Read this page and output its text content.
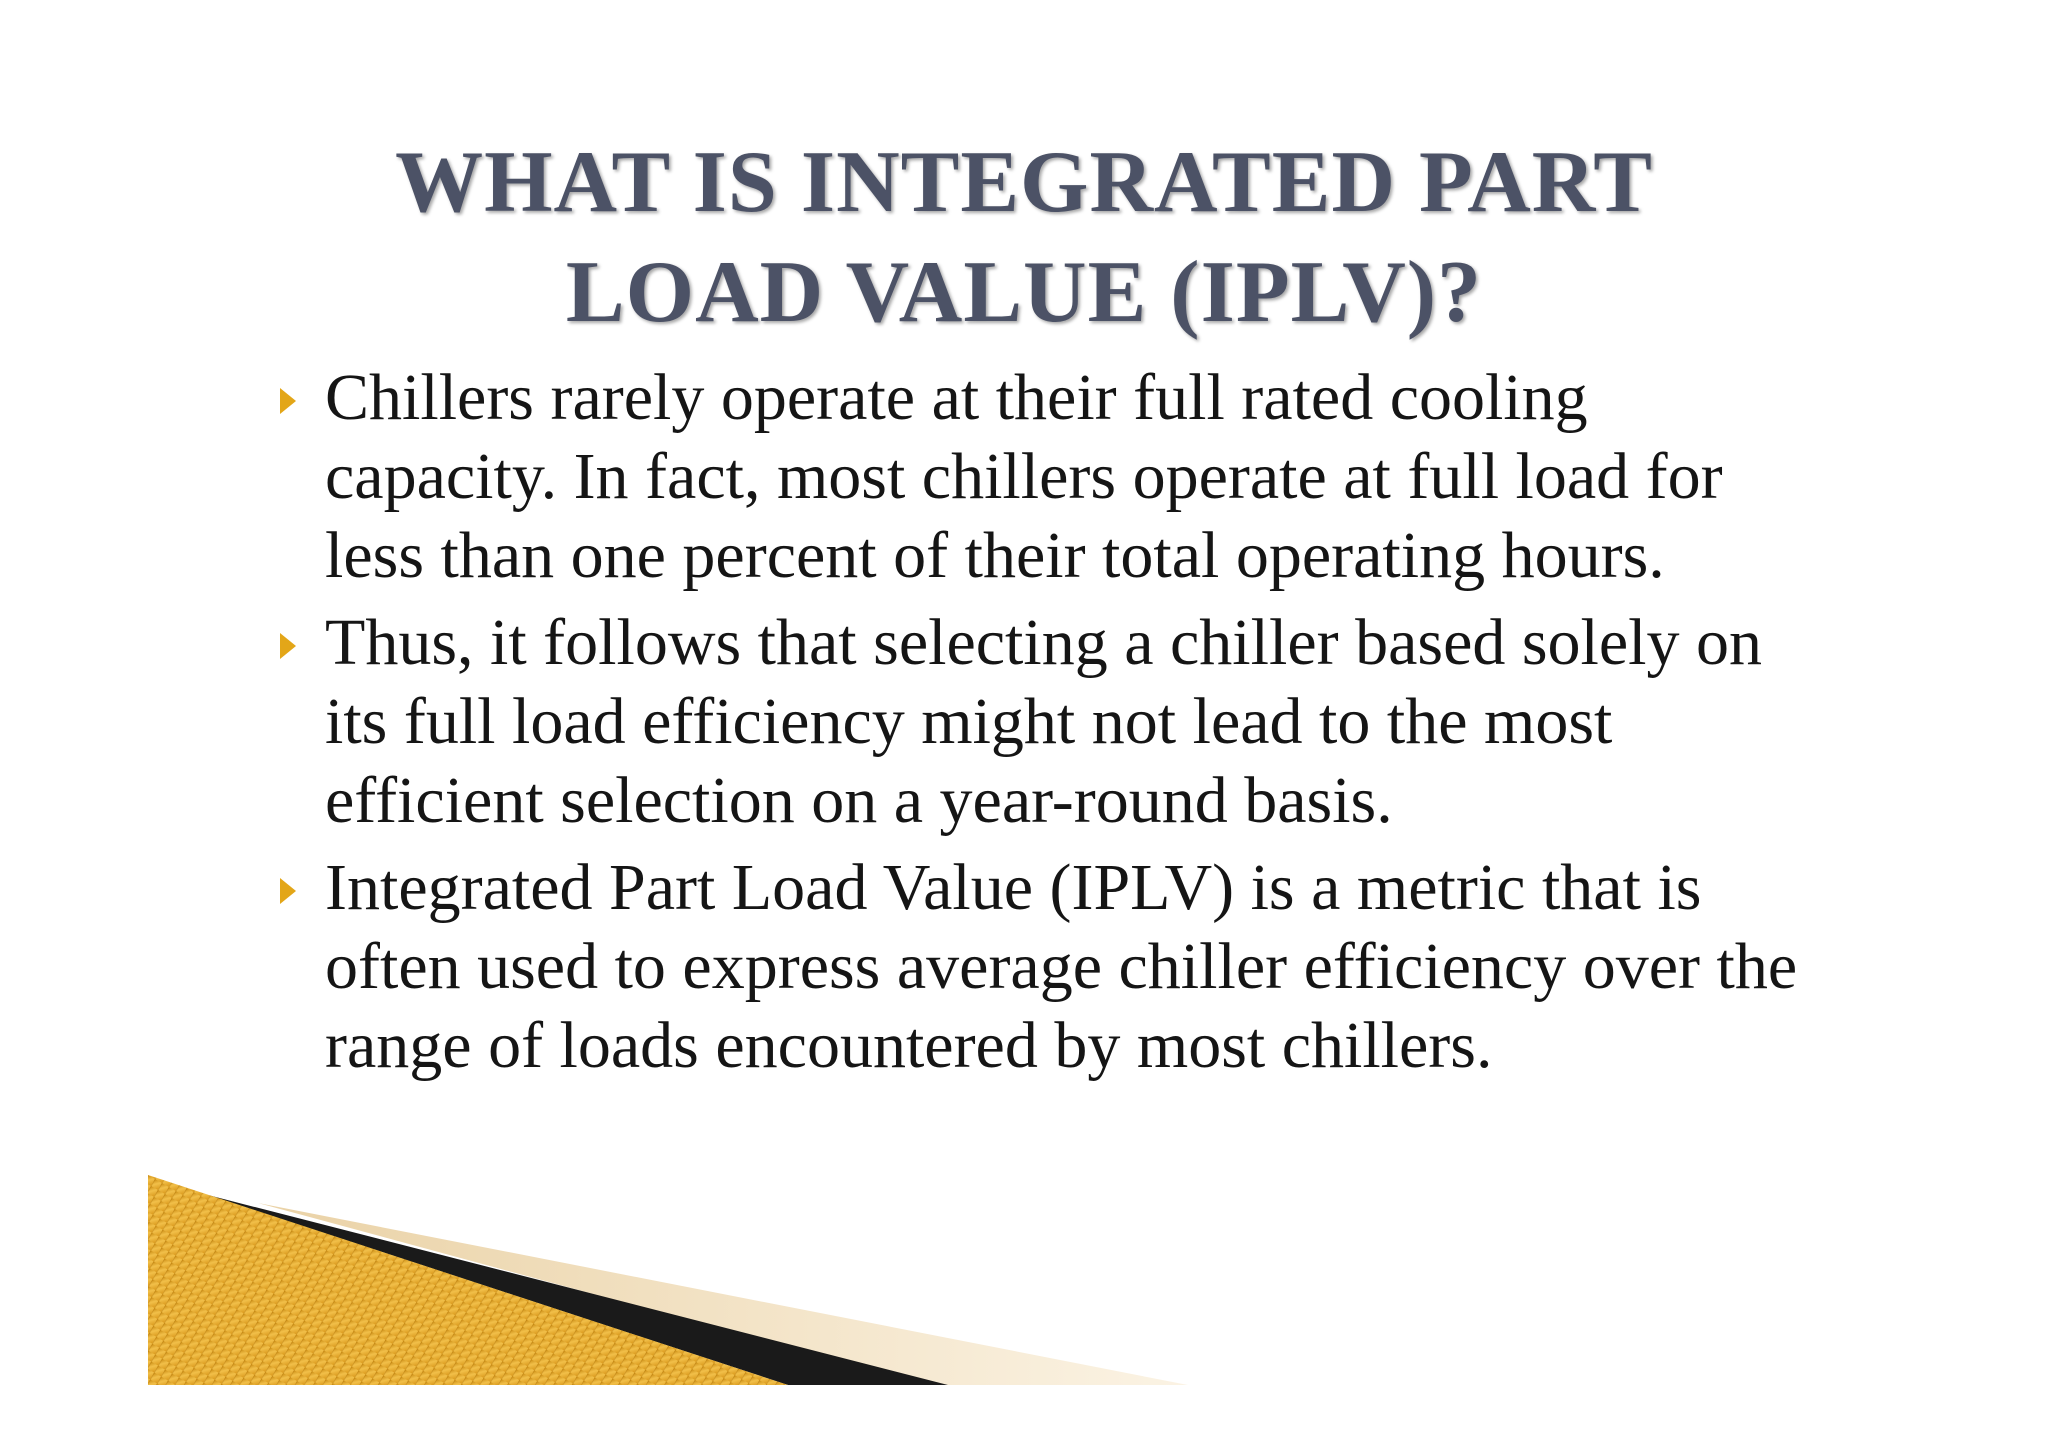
WHAT IS INTEGRATED PART
LOAD VALUE (IPLV)?
Chillers rarely operate at their full rated cooling capacity. In fact, most chillers operate at full load for less than one percent of their total operating hours.
Thus, it follows that selecting a chiller based solely on its full load efficiency might not lead to the most efficient selection on a year-round basis.
Integrated Part Load Value (IPLV) is a metric that is often used to express average chiller efficiency over the range of loads encountered by most chillers.
